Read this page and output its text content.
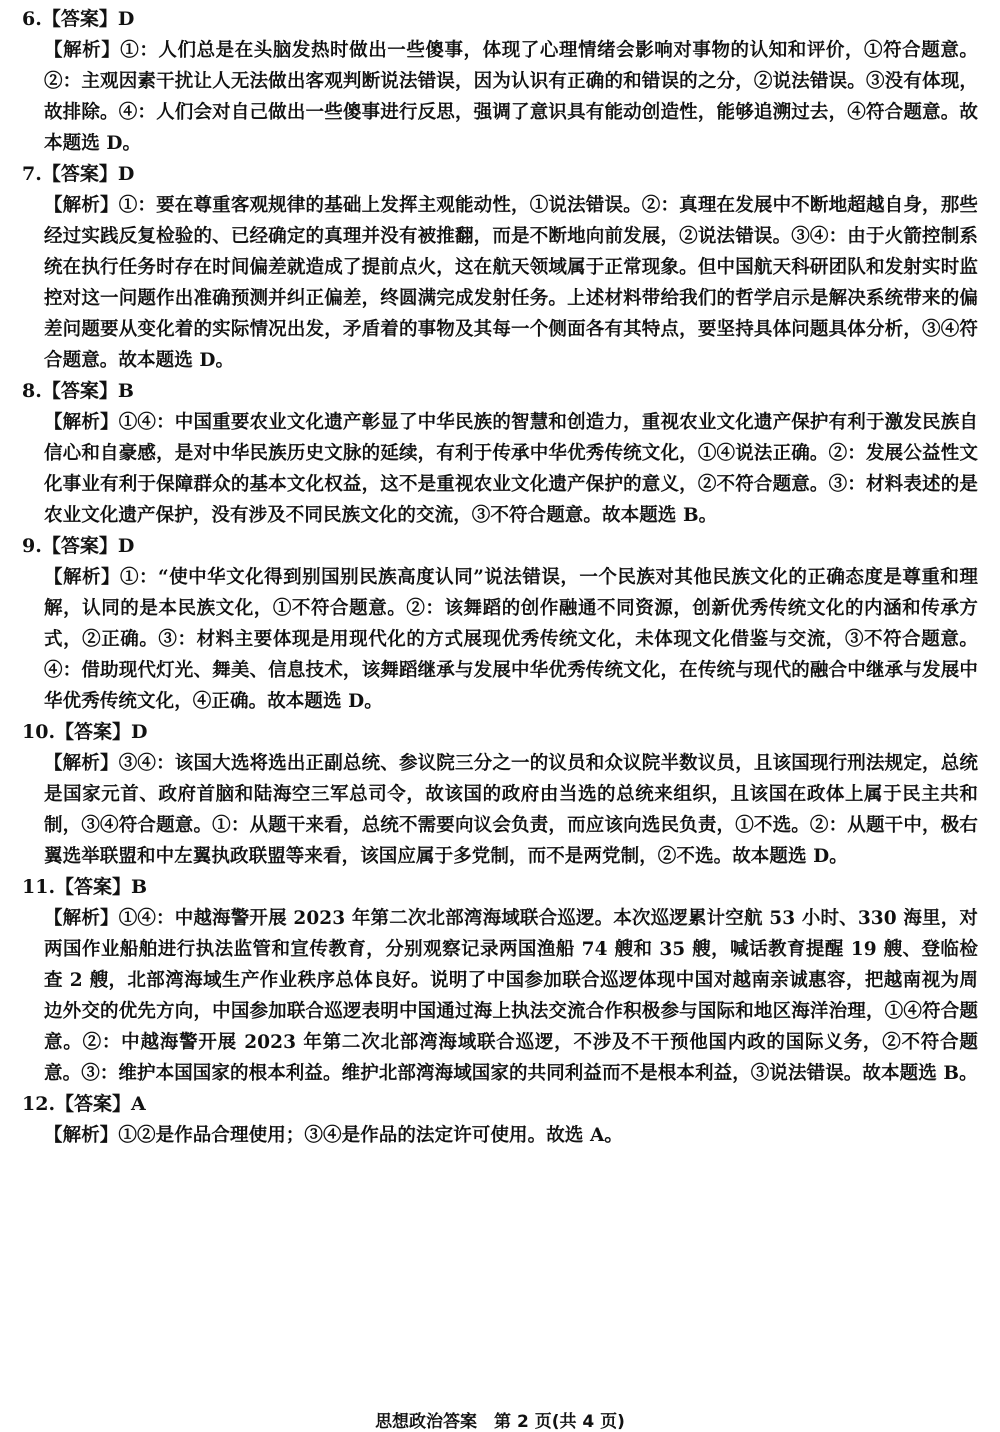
6.【答案】D
【解析】①：人们总是在头脑发热时做出一些傻事，体现了心理情绪会影响对事物的认知和评价，①符合题意。②：主观因素干扰让人无法做出客观判断说法错误，因为认识有正确的和错误的之分，②说法错误。③没有体现，故排除。④：人们会对自己做出一些傻事进行反思，强调了意识具有能动创造性，能够追溯过去，④符合题意。故本题选 D。
7.【答案】D
【解析】①：要在尊重客观规律的基础上发挥主观能动性，①说法错误。②：真理在发展中不断地超越自身，那些经过实践反复检验的、已经确定的真理并没有被推翻，而是不断地向前发展，②说法错误。③④：由于火箭控制系统在执行任务时存在时间偏差就造成了提前点火，这在航天领域属于正常现象。但中国航天科研团队和发射实时监控对这一问题作出准确预测并纠正偏差，终圆满完成发射任务。上述材料带给我们的哲学启示是解决系统带来的偏差问题要从变化着的实际情况出发，矛盾着的事物及其每一个侧面各有其特点，要坚持具体问题具体分析，③④符合题意。故本题选 D。
8.【答案】B
【解析】①④：中国重要农业文化遗产彰显了中华民族的智慧和创造力，重视农业文化遗产保护有利于激发民族自信心和自豪感，是对中华民族历史文脉的延续，有利于传承中华优秀传统文化，①④说法正确。②：发展公益性文化事业有利于保障群众的基本文化权益，这不是重视农业文化遗产保护的意义，②不符合题意。③：材料表述的是农业文化遗产保护，没有涉及不同民族文化的交流，③不符合题意。故本题选 B。
9.【答案】D
【解析】①：“使中华文化得到别国别民族高度认同”说法错误，一个民族对其他民族文化的正确态度是尊重和理解，认同的是本民族文化，①不符合题意。②：该舞蹈的创作融通不同资源，创新优秀传统文化的内涵和传承方式，②正确。③：材料主要体现是用现代化的方式展现优秀传统文化，未体现文化借鉴与交流，③不符合题意。④：借助现代灯光、舞美、信息技术，该舞蹈继承与发展中华优秀传统文化，在传统与现代的融合中继承与发展中华优秀传统文化，④正确。故本题选 D。
10.【答案】D
【解析】③④：该国大选将选出正副总统、参议院三分之一的议员和众议院半数议员，且该国现行刑法规定，总统是国家元首、政府首脑和陆海空三军总司令，故该国的政府由当选的总统来组织，且该国在政体上属于民主共和制，③④符合题意。①：从题干来看，总统不需要向议会负责，而应该向选民负责，①不选。②：从题干中，极右翼选举联盟和中左翼执政联盟等来看，该国应属于多党制，而不是两党制，②不选。故本题选 D。
11.【答案】B
【解析】①④：中越海警开展 2023 年第二次北部湾海域联合巡逻。本次巡逻累计空航 53 小时、330 海里，对两国作业船舶进行执法监管和宣传教育，分别观察记录两国渔船 74 艘和 35 艘，喊话教育提醒 19 艘、登临检查 2 艘，北部湾海域生产作业秩序总体良好。说明了中国参加联合巡逻体现中国对越南亲诚惠容，把越南视为周边外交的优先方向，中国参加联合巡逻表明中国通过海上执法交流合作积极参与国际和地区海洋治理，①④符合题意。②：中越海警开展 2023 年第二次北部湾海域联合巡逻，不涉及不干预他国内政的国际义务，②不符合题意。③：维护本国国家的根本利益。维护北部湾海域国家的共同利益而不是根本利益，③说法错误。故本题选 B。
12.【答案】A
【解析】①②是作品合理使用；③④是作品的法定许可使用。故选 A。
思想政治答案　第 2 页(共 4 页)
